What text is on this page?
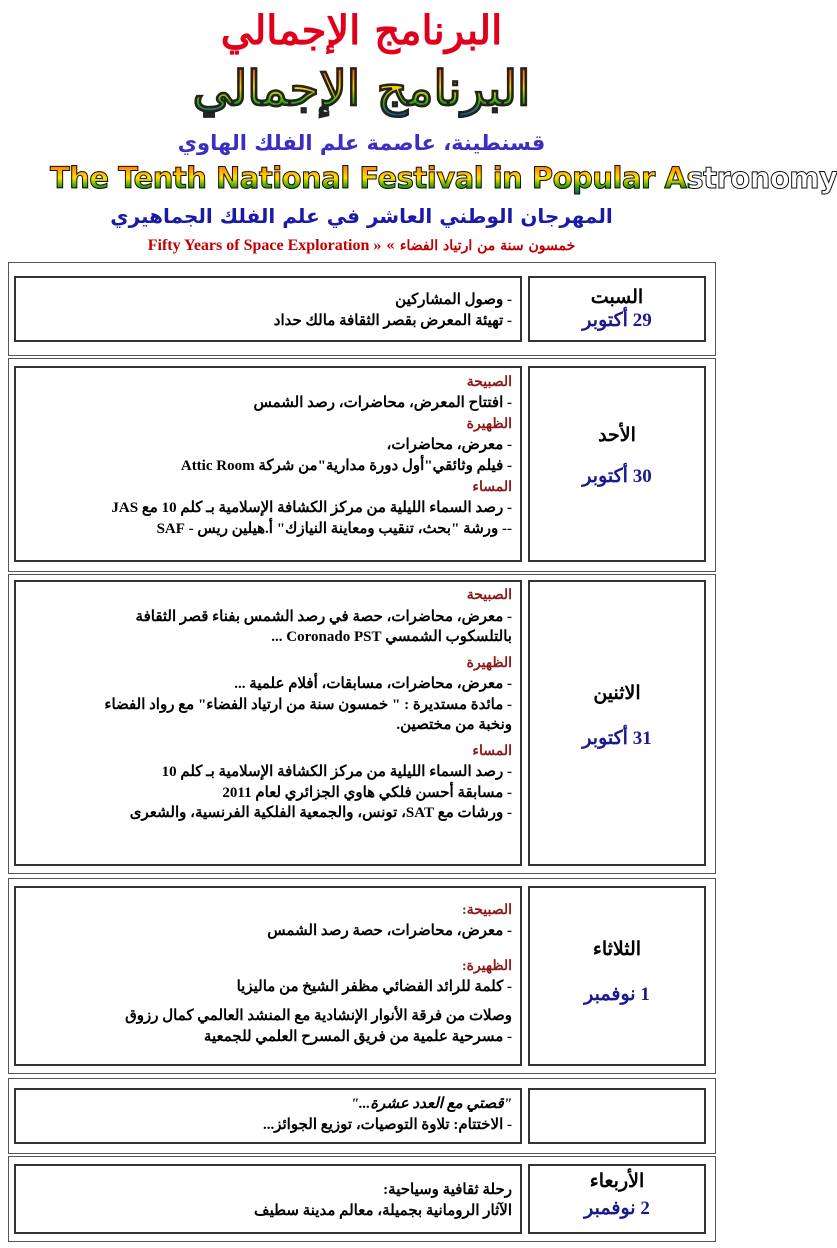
البرنامج الإجمالي
البرنامج الإجمالي
قسنطينة، عاصمة علم الفلك الهاوي
The Tenth National Festival in Popular Astronomy
المهرجان الوطني العاشر في علم الفلك الجماهيري
Fifty Years of Space Exploration » « خمسون سنة من ارتياد الفضاء
- وصول المشاركين
- تهيئة المعرض بقصر الثقافة مالك حداد
السبت
29 أكتوبر
الصبيحة
- افتتاح المعرض، محاضرات، رصد الشمس
الظهيرة
- معرض، محاضرات،
- فيلم وثائقي"أول دورة مدارية"من شركة Attic Room
المساء
- رصد السماء الليلية من مركز الكشافة الإسلامية بـ كلم 10 مع JAS
-- ورشة "بحث، تنقيب ومعاينة النيازك" أ.هيلين ريس - SAF
الأحد
30 أكتوبر
الصبيحة
- معرض، محاضرات، حصة في رصد الشمس بفناء قصر الثقافة
بالتلسكوب الشمسي Coronado PST ...
الظهيرة
- معرض، محاضرات، مسابقات، أفلام علمية ...
- مائدة مستديرة : " خمسون سنة من ارتياد الفضاء" مع رواد الفضاء
ونخبة من مختصين.
المساء
- رصد السماء الليلية من مركز الكشافة الإسلامية بـ كلم 10
- مسابقة أحسن فلكي هاوي الجزائري لعام 2011
- ورشات مع SAT، تونس، والجمعية الفلكية الفرنسية، والشعرى
الاثنين
31 أكتوبر
الصبيحة:
- معرض، محاضرات، حصة رصد الشمس
الظهيرة:
- كلمة للرائد الفضائي مظفر الشيخ من ماليزيا
وصلات من فرقة الأنوار الإنشادية مع المنشد العالمي كمال رزوق
- مسرحية علمية من فريق المسرح العلمي للجمعية
الثلاثاء
1 نوفمبر
"قصتي مع العدد عشرة..."
- الاختتام: تلاوة التوصيات، توزيع الجوائز...
رحلة ثقافية وسياحية:
الآثار الرومانية بجميلة، معالم مدينة سطيف
الأربعاء
2 نوفمبر
